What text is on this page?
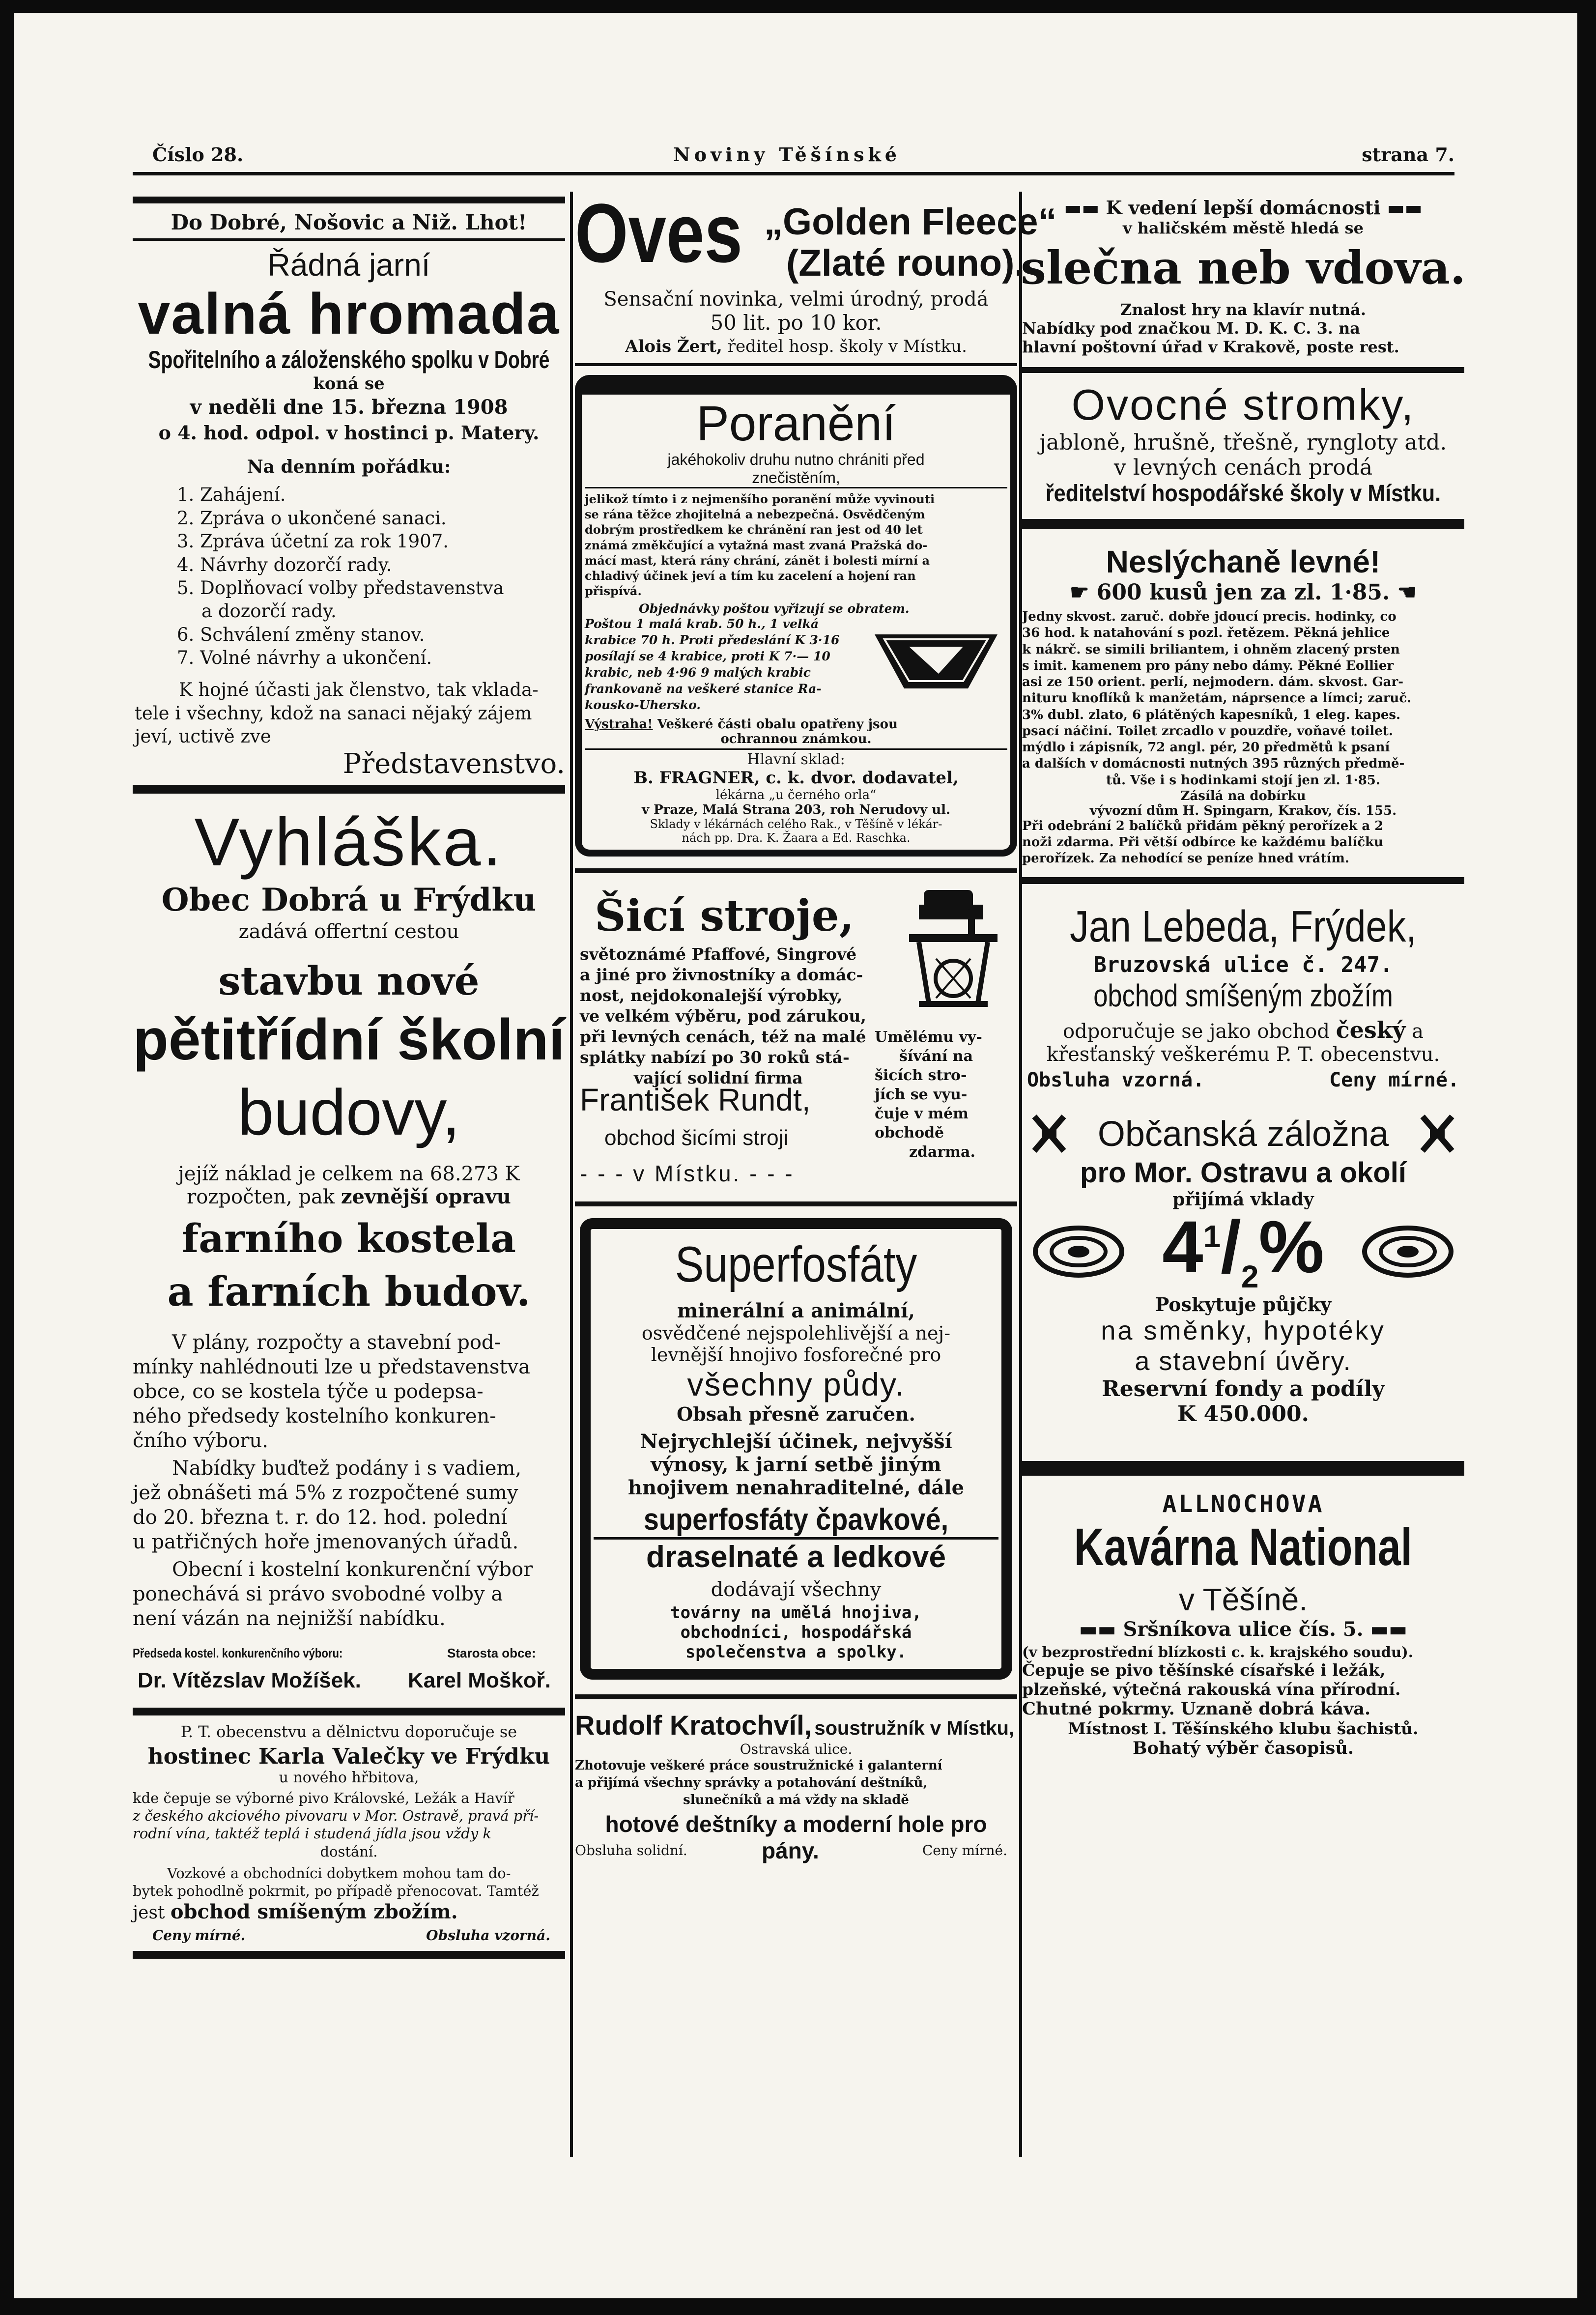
Číslo 28.	Noviny Těšínské	strana 7.
Do Dobré, Nošovic a Niž. Lhot!
Řádná jarní
valná hromada
Spořitelního a záloženského spolku v Dobré
koná se
v neděli dne 15. března 1908
o 4. hod. odpol. v hostinci p. Matery.
Na denním pořádku:
1. Zahájení.
2. Zpráva o ukončené sanaci.
3. Zpráva účetní za rok 1907.
4. Návrhy dozorčí rady.
5. Doplňovací volby představenstva
a dozorčí rady.
6. Schválení změny stanov.
7. Volné návrhy a ukončení.
K hojné účasti jak členstvo, tak vklada-
tele i všechny, kdož na sanaci nějaký zájem
jeví, uctivě zve
Představenstvo.
Vyhláška.
Obec Dobrá u Frýdku
zadává offertní cestou
stavbu nové
pětitřídní školní
budovy,
jejíž náklad je celkem na 68.273 K
rozpočten, pak zevnější opravu
farního kostela
a farních budov.
V plány, rozpočty a stavební pod-
mínky nahlédnouti lze u představenstva
obce, co se kostela týče u podepsa-
ného předsedy kostelního konkuren-
čního výboru.
Nabídky buďtež podány i s vadiem,
jež obnášeti má 5% z rozpočtené sumy
do 20. března t. r. do 12. hod. polední
u patřičných hoře jmenovaných úřadů.
Obecní i kostelní konkurenční výbor
ponechává si právo svobodné volby a
není vázán na nejnižší nabídku.
Předseda kostel. konkurenčního výboru:	Starosta obce:
Dr. Vítězslav Možíšek. Karel Moškoř.
P. T. obecenstvu a dělnictvu doporučuje se
hostinec Karla Valečky ve Frýdku
u nového hřbitova,
kde čepuje se výborné pivo Královské, Ležák a Havíř
z českého akciového pivovaru v Mor. Ostravě, pravá pří-
rodní vína, taktéž teplá i studená jídla jsou vždy k
dostání.
Vozkové a obchodníci dobytkem mohou tam do-
bytek pohodlně pokrmit, po případě přenocovat. Tamtéž
jest obchod smíšeným zbožím.
Ceny mírné.	Obsluha vzorná.
Oves „Golden Fleece“
(Zlaté rouno).
Sensační novinka, velmi úrodný, prodá
50 lit. po 10 kor.
Alois Žert, ředitel hosp. školy v Místku.
Poranění
jakéhokoliv druhu nutno chrániti před
znečistěním,
jelikož tímto i z nejmenšího poranění může vyvinouti
se rána těžce zhojitelná a nebezpečná. Osvědčeným
dobrým prostředkem ke chránění ran jest od 40 let
známá změkčující a vytažná mast zvaná Pražská do-
mácí mast, která rány chrání, zánět i bolesti mírní a
chladivý účinek jeví a tím ku zacelení a hojení ran
přispívá.
Objednávky poštou vyřizují se obratem.
Poštou 1 malá krab. 50 h., 1 velká
krabice 70 h. Proti předeslání K 3·16
posílají se 4 krabice, proti K 7·— 10
krabic, neb 4·96 9 malých krabic
frankovaně na veškeré stanice Ra-
kousko-Uhersko.
Výstraha! Veškeré části obalu opatřeny jsou
ochrannou známkou.
Hlavní sklad:
B. FRAGNER, c. k. dvor. dodavatel,
lékárna „u černého orla“
v Praze, Malá Strana 203, roh Nerudovy ul.
Sklady v lékárnách celého Rak., v Těšíně v lékár-
nách pp. Dra. K. Žaara a Ed. Raschka.
Šicí stroje,
světoznámé Pfaffové, Singrové
a jiné pro živnostníky a domác-
nost, nejdokonalejší výrobky,
ve velkém výběru, pod zárukou,
při levných cenách, též na malé
splátky nabízí po 30 roků stá-
vající solidní firma
Umělému vy-
šívání na
šicích stro-
jích se vyu-
čuje v mém
obchodě
zdarma.
František Rundt,
obchod šicími stroji
- - - v Místku. - - -
Superfosfáty
minerální a animální,
osvědčené nejspolehlivější a nej-
levnější hnojivo fosforečné pro
všechny půdy.
Obsah přesně zaručen.
Nejrychlejší účinek, nejvyšší
výnosy, k jarní setbě jiným
hnojivem nenahraditelné, dále
superfosfáty čpavkové,
draselnaté a ledkové
dodávají všechny
továrny na umělá hnojiva,
obchodníci, hospodářská
společenstva a spolky.
Rudolf Kratochvíl, soustružník v Místku,
Ostravská ulice.
Zhotovuje veškeré práce soustružnické i galanterní
a přijímá všechny správky a potahování deštníků,
slunečníků a má vždy na skladě
hotové deštníky a moderní hole pro
Obsluha solidní.	pány.	Ceny mírné.
▬▬ K vedení lepší domácnosti ▬▬
v haličském městě hledá se
slečna neb vdova.
Znalost hry na klavír nutná.
Nabídky pod značkou M. D. K. C. 3. na
hlavní poštovní úřad v Krakově, poste rest.
Ovocné stromky,
jabloně, hrušně, třešně, ryngloty atd.
v levných cenách prodá
ředitelství hospodářské školy v Místku.
Neslýchaně levné!
☛ 600 kusů jen za zl. 1·85. ☚
Jedny skvost. zaruč. dobře jdoucí precis. hodinky, co
36 hod. k natahování s pozl. řetězem. Pěkná jehlice
k nákrč. se simili briliantem, i ohněm zlacený prsten
s imit. kamenem pro pány nebo dámy. Pěkné Eollier
asi ze 150 orient. perlí, nejmodern. dám. skvost. Gar-
nituru knoflíků k manžetám, náprsence a límci; zaruč.
3% dubl. zlato, 6 plátěných kapesníků, 1 eleg. kapes.
psací náčiní. Toilet zrcadlo v pouzdře, voňavé toilet.
mýdlo i zápisník, 72 angl. pér, 20 předmětů k psaní
a dalších v domácnosti nutných 395 různých předmě-
tů. Vše i s hodinkami stojí jen zl. 1·85.
Zásílá na dobírku
vývozní dům H. Spingarn, Krakov, čís. 155.
Při odebrání 2 balíčků přidám pěkný perořízek a 2
noži zdarma. Při větší odbírce ke každému balíčku
perořízek. Za nehodící se peníze hned vrátím.
Jan Lebeda, Frýdek,
Bruzovská ulice č. 247.
obchod smíšeným zbožím
odporučuje se jako obchod český a
křesťanský veškerému P. T. obecenstvu.
Obsluha vzorná.	Ceny mírné.
Občanská záložna
pro Mor. Ostravu a okolí
přijímá vklady
$4^1/_2\%$
Poskytuje půjčky
na směnky, hypotéky
a stavební úvěry.
Reservní fondy a podíly
K 450.000.
ALLNOCHOVA
Kavárna National
v Těšíně.
▬▬ Sršníkova ulice čís. 5. ▬▬
(v bezprostřední blízkosti c. k. krajského soudu).
Čepuje se pivo těšínské císařské i ležák,
plzeňské, výtečná rakouská vína přírodní.
Chutné pokrmy. Uznaně dobrá káva.
Místnost I. Těšínského klubu šachistů.
Bohatý výběr časopisů.
